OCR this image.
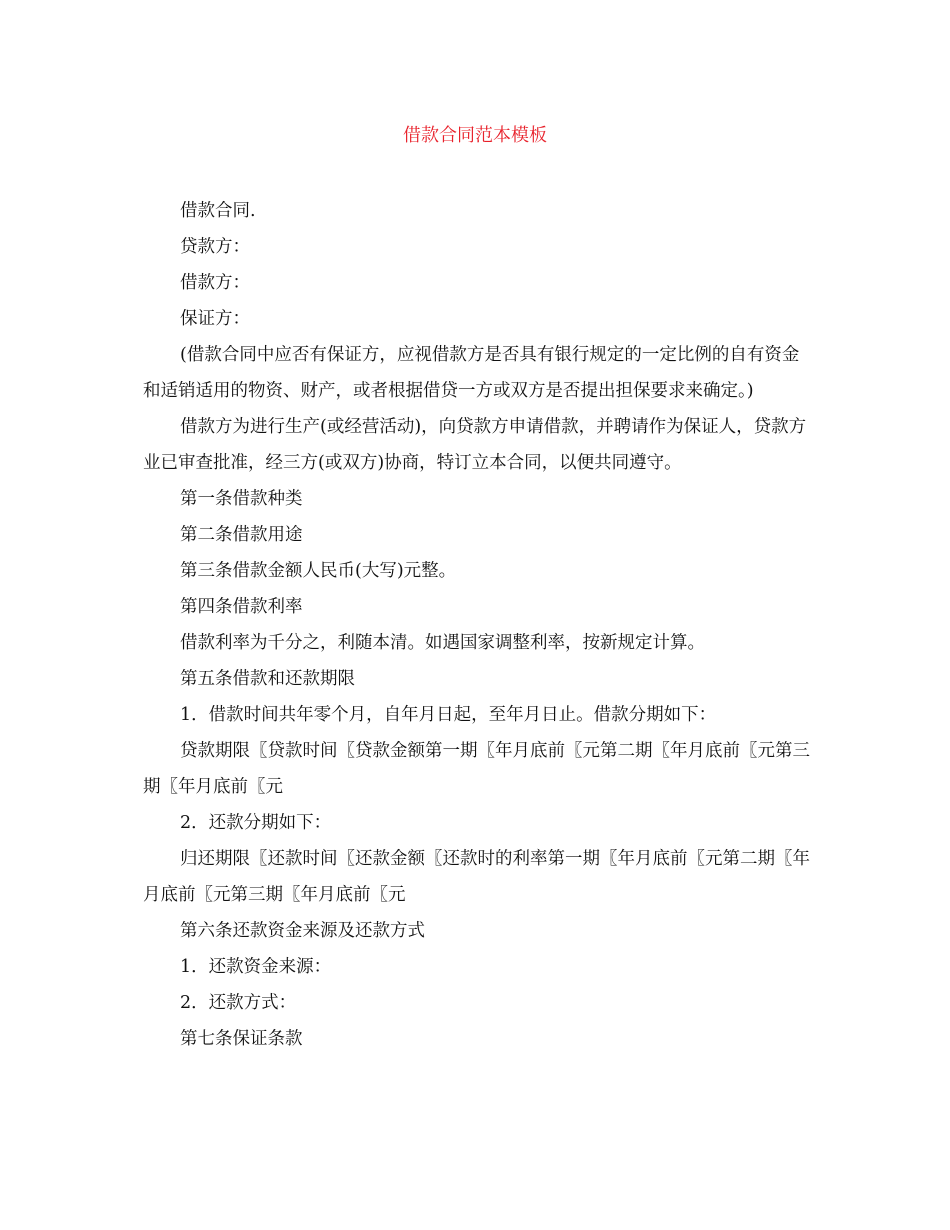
借款合同范本模板

借款合同.

贷款方：

借款方：

保证方：

(借款合同中应否有保证方，应视借款方是否具有银行规定的一定比例的自有资金和适销适用的物资、财产，或者根据借贷一方或双方是否提出担保要求来确定。)

借款方为进行生产(或经营活动)，向贷款方申请借款，并聘请作为保证人，贷款方业已审查批准，经三方(或双方)协商，特订立本合同，以便共同遵守。

第一条借款种类

第二条借款用途

第三条借款金额人民币(大写)元整。

第四条借款利率

借款利率为千分之，利随本清。如遇国家调整利率，按新规定计算。

第五条借款和还款期限

1．借款时间共年零个月，自年月日起，至年月日止。借款分期如下：

贷款期限〖贷款时间〖贷款金额第一期〖年月底前〖元第二期〖年月底前〖元第三期〖年月底前〖元

2．还款分期如下：

归还期限〖还款时间〖还款金额〖还款时的利率第一期〖年月底前〖元第二期〖年月底前〖元第三期〖年月底前〖元

第六条还款资金来源及还款方式

1．还款资金来源：

2．还款方式：

第七条保证条款
